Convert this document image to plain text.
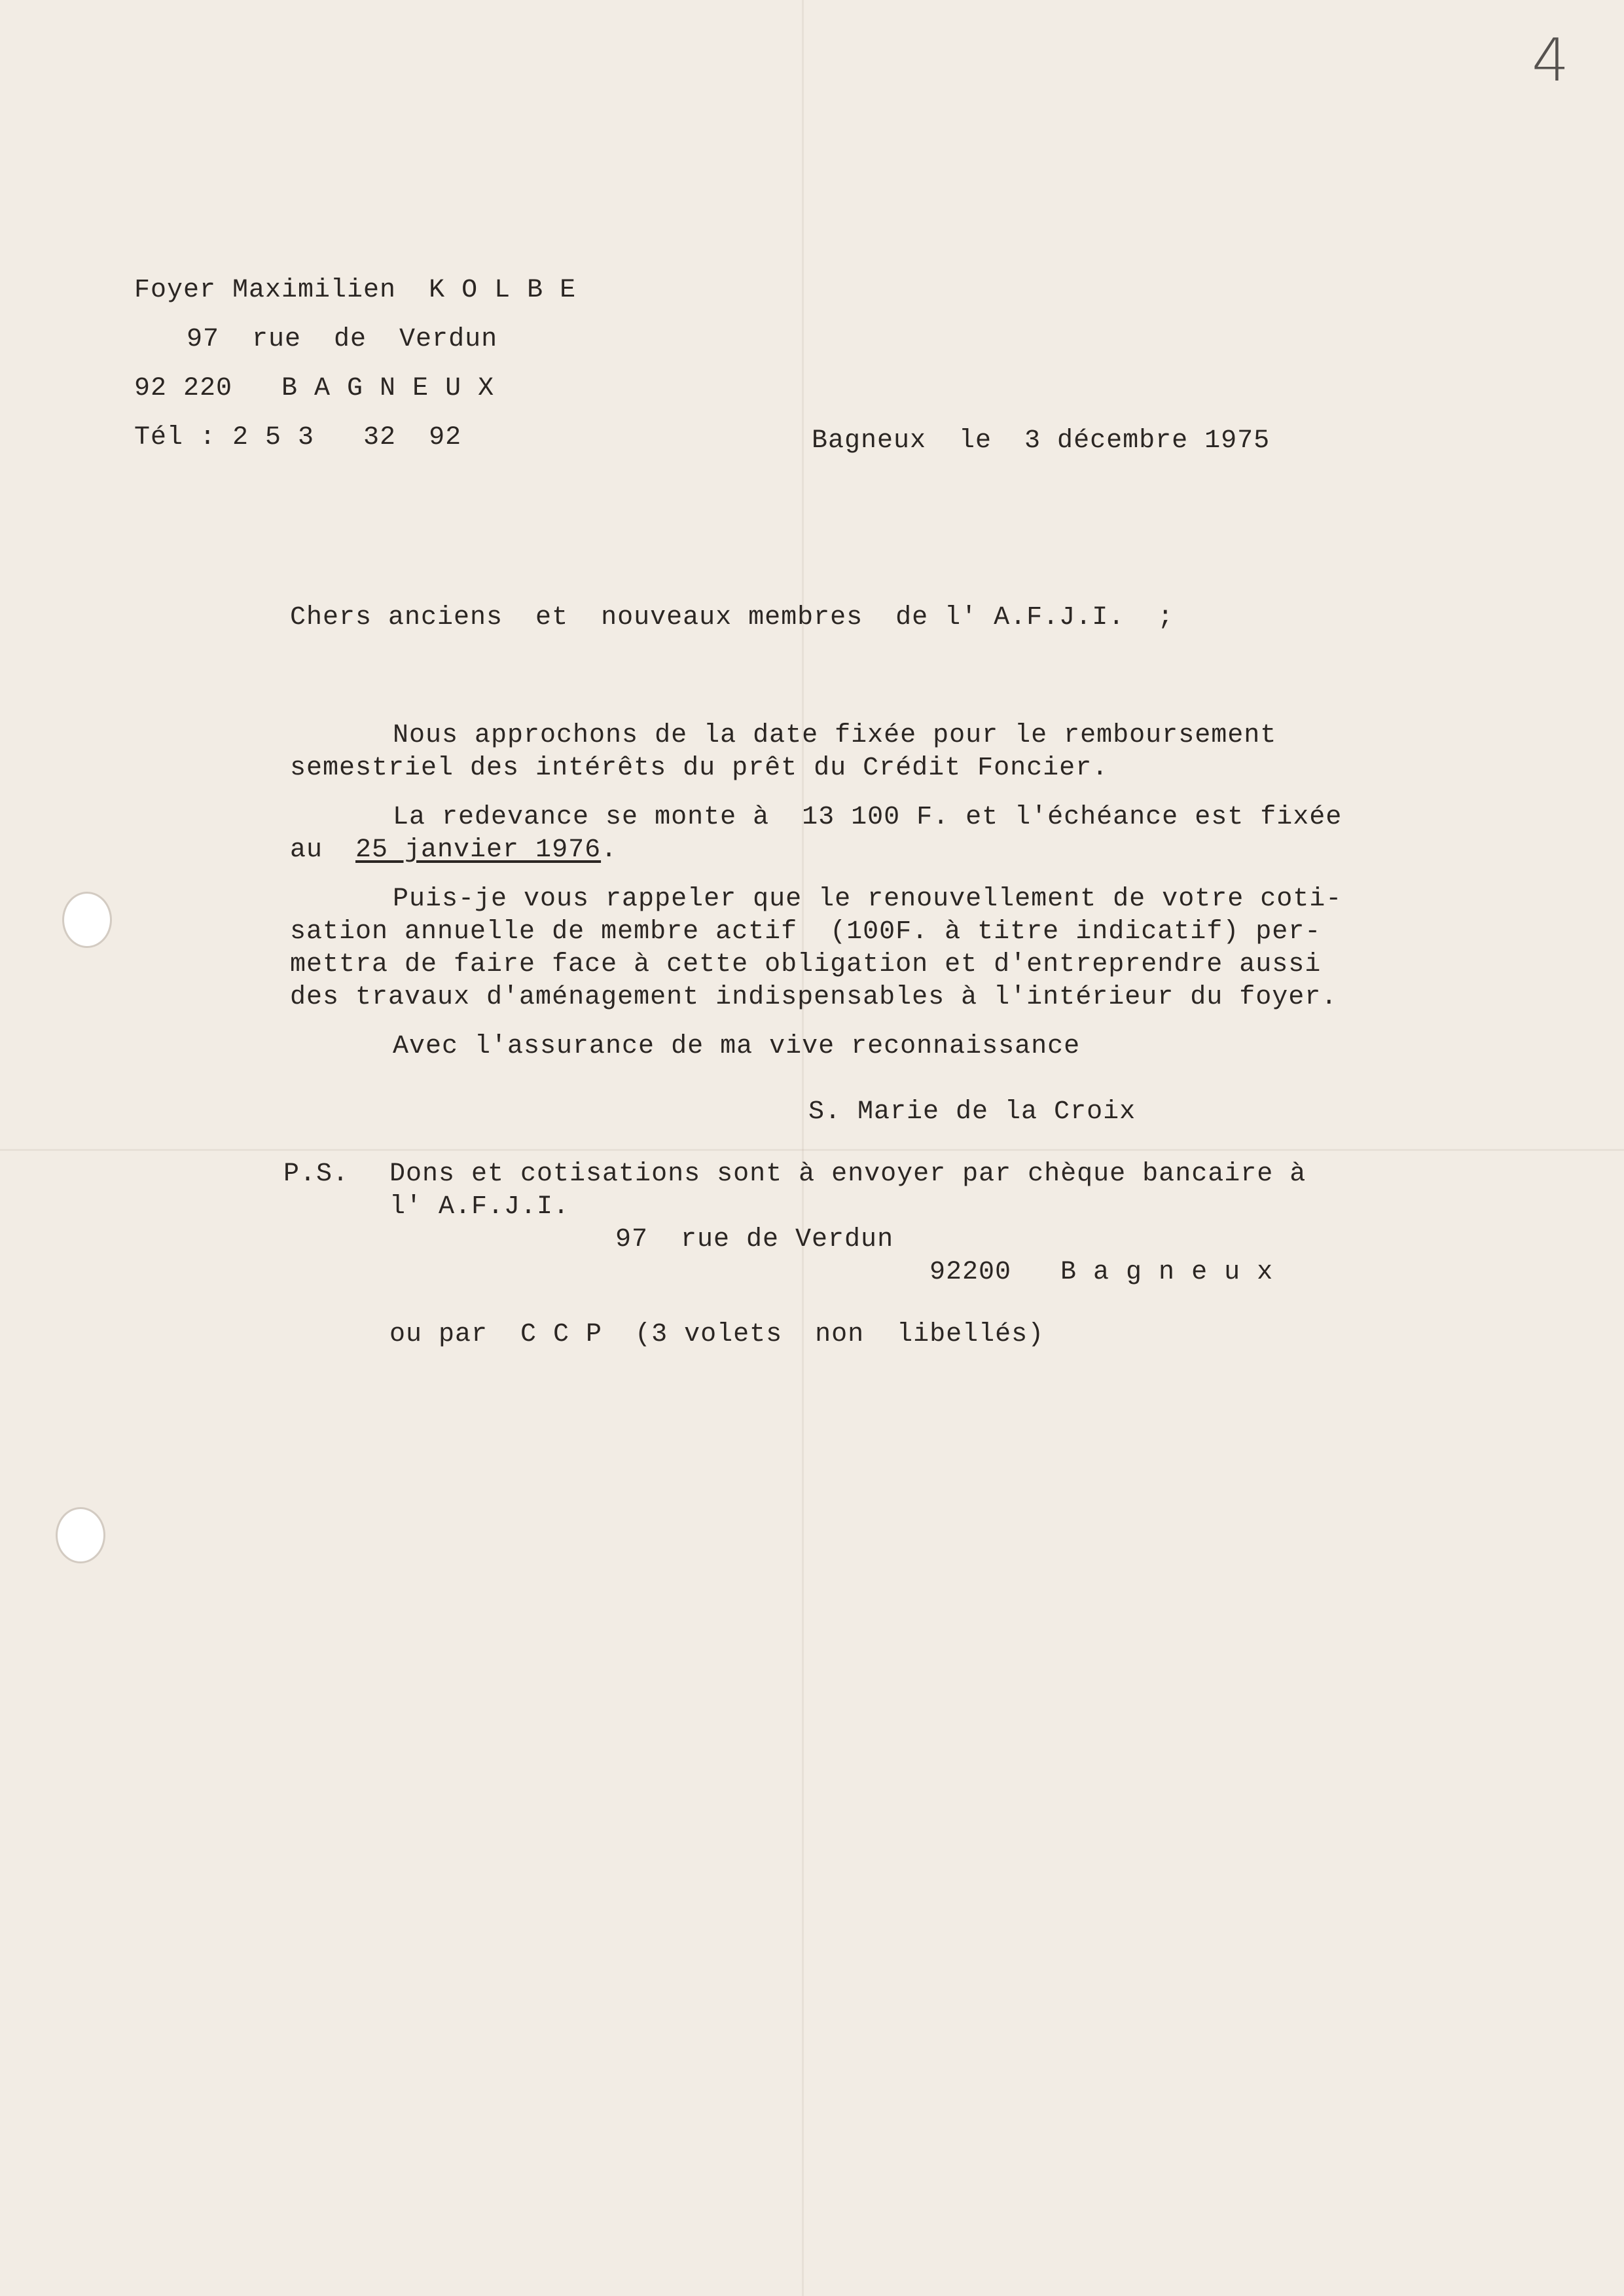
4
Foyer Maximilien  K O L B E
97  rue  de  Verdun
92 220   B A G N E U X
Tél : 2 5 3   32  92	Bagneux  le  3 décembre 1975
Chers anciens  et  nouveaux membres  de l' A.F.J.I.  ;
Nous approchons de la date fixée pour le remboursement
semestriel des intérêts du prêt du Crédit Foncier.
La redevance se monte à  13 100 F. et l'échéance est fixée
au  25 janvier 1976.
Puis-je vous rappeler que le renouvellement de votre coti-
sation annuelle de membre actif  (100F. à titre indicatif) per-
mettra de faire face à cette obligation et d'entreprendre aussi
des travaux d'aménagement indispensables à l'intérieur du foyer.
Avec l'assurance de ma vive reconnaissance
S. Marie de la Croix
P.S. Dons et cotisations sont à envoyer par chèque bancaire à
l' A.F.J.I.
97  rue de Verdun
92200   B a g n e u x
ou par  C C P  (3 volets  non  libellés)
